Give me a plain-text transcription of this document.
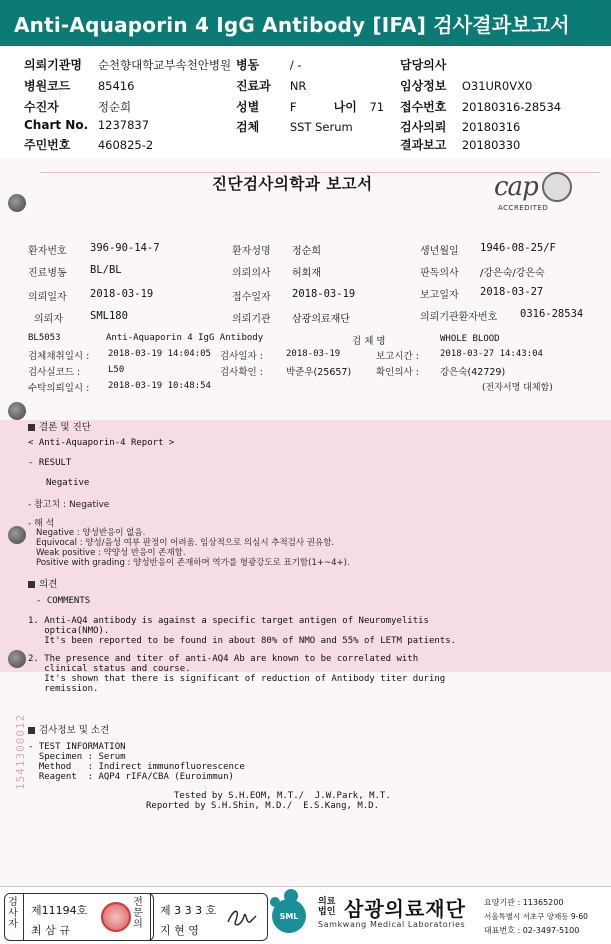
Anti-Aquaporin 4 IgG Antibody [IFA] 검사결과보고서
의뢰기관명 순천향대학교부속천안병원 병동	/ -	담당의사
병원코드 85416	진료과 NR	임상정보 O31UR0VX0
수진자	정순희	성별	F	나이 71 접수번호 20180316-28534
Chart No. 1237837	검체	SST Serum	검사의뢰 20180316
주민번호 460825-2	결과보고 20180330
진단검사의학과 보고서	cap
ACCREDITED
환자번호 396-90-14-7	환자성명 정순희	생년월일 1946-08-25/F
진료병동 BL/BL	의뢰의사 허회재	판독의사 /강은숙/강은숙
의뢰일자 2018-03-19	접수일자 2018-03-19	보고일자 2018-03-27
의뢰자	SML180	의뢰기관 삼광의료재단	의뢰기관환자번호 0316-28534
BL5053	Anti-Aquaporin 4 IgG Antibody	검 체 명	WHOLE BLOOD
검체채취일시 : 2018-03-19 14:04:05 검사일자 :	2018-03-19	보고시간 : 2018-03-27 14:43:04
검사실코드 :	L50	검사확인 : 박준우(25657)	확인의사 : 강은숙(42729)
수탁의뢰일시 : 2018-03-19 10:48:54	(전자서명 대체함)
결론 및 진단
< Anti-Aquaporin-4 Report >
- RESULT
Negative
- 참고치 : Negative
- 해 석
Negative : 양성반응이 없음.
Equivocal : 양성/음성 여부 판정이 어려움. 임상적으로 의심시 추적검사 권유함.
Weak positive : 약양성 반응이 존재함.
Positive with grading : 양성반응이 존재하며 역가를 형광강도로 표기함(1+~4+).
의견
- COMMENTS
1. Anti-AQ4 antibody is against a specific target antigen of Neuromyelitis
optica(NMO).
It's been reported to be found in about 80% of NMO and 55% of LETM patients.
2. The presence and titer of anti-AQ4 Ab are known to be correlated with
clinical status and course.
It's shown that there is significant of reduction of Antibody titer during
remission.
검사정보 및 소견
- TEST INFORMATION
Specimen : Serum
Method   : Indirect immunofluorescence
Reagent  : AQP4 rIFA/CBA (Euroimmun)
Tested by S.H.EOM, M.T./  J.W.Park, M.T.
Reported by S.H.Shin, M.D./  E.S.Kang, M.D.
1541300012
검사자
제11194호
최 삼 규
전문의
제 3 3 3 호
지 현 영
SML
의료법인 삼광의료재단
Samkwang Medical Laboratories
요양기관 : 11365200
서울특별시 서초구 양재동 9-60
대표번호 : 02-3497-5100
